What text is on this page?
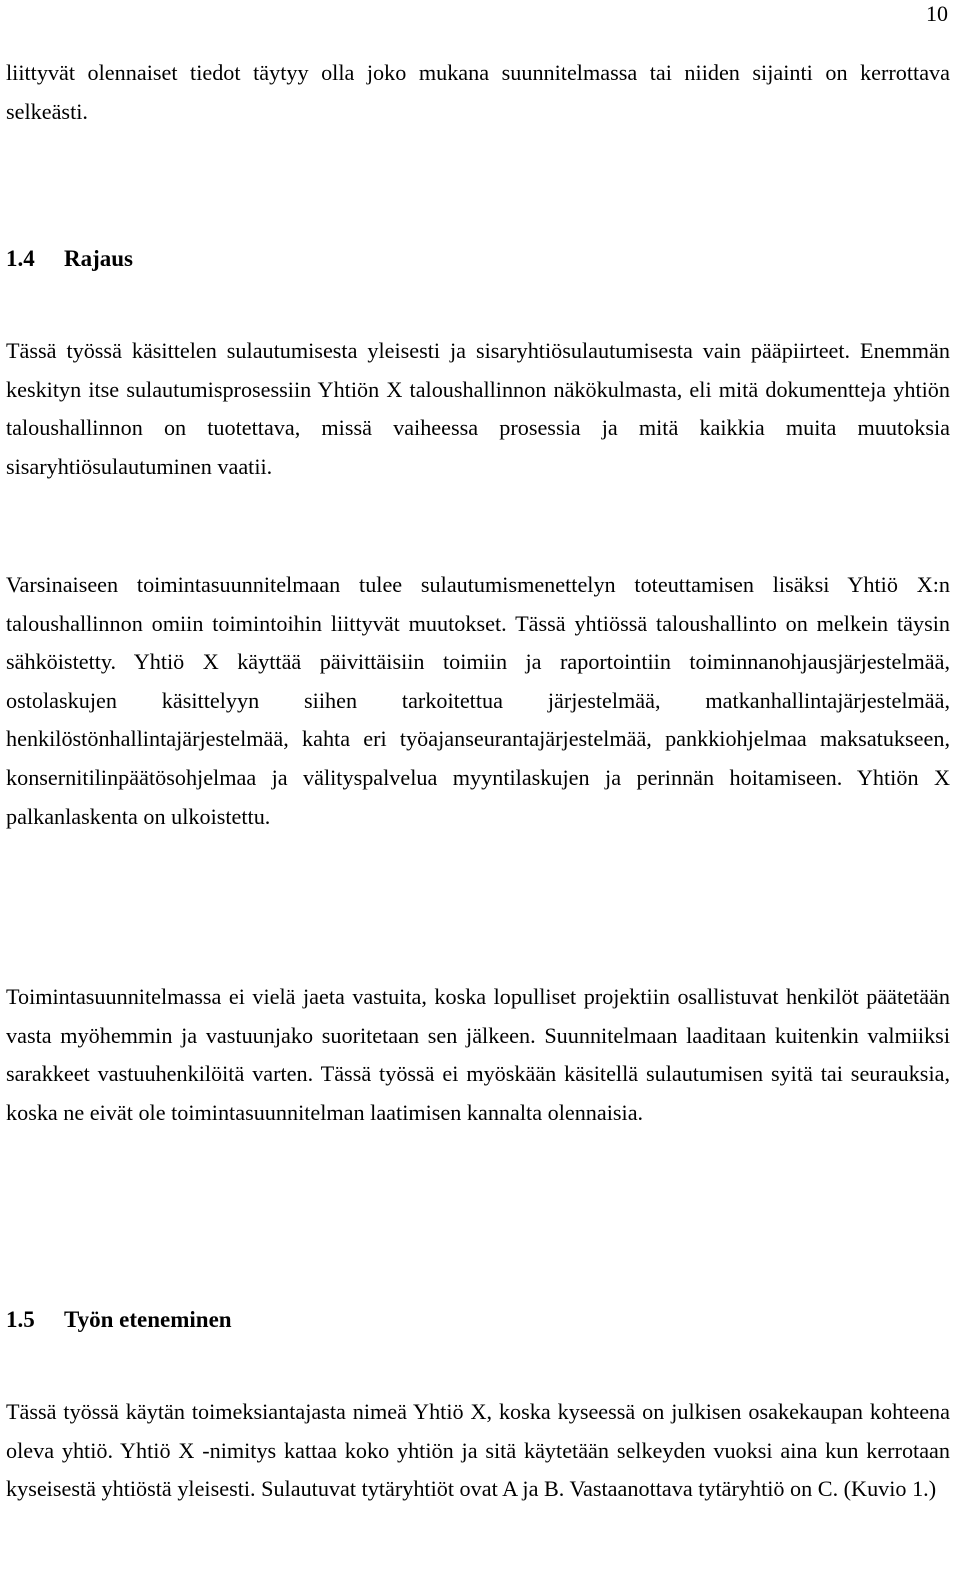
10

liittyvät olennaiset tiedot täytyy olla joko mukana suunnitelmassa tai niiden sijainti on kerrottava selkeästi.

1.4 Rajaus

Tässä työssä käsittelen sulautumisesta yleisesti ja sisaryhtiösulautumisesta vain pääpiirteet. Enemmän keskityn itse sulautumisprosessiin Yhtiön X taloushallinnon näkökulmasta, eli mitä dokumentteja yhtiön taloushallinnon on tuotettava, missä vaiheessa prosessia ja mitä kaikkia muita muutoksia sisaryhtiösulautuminen vaatii.

Varsinaiseen toimintasuunnitelmaan tulee sulautumismenettelyn toteuttamisen lisäksi Yhtiö X:n taloushallinnon omiin toimintoihin liittyvät muutokset. Tässä yhtiössä taloushallinto on melkein täysin sähköistetty. Yhtiö X käyttää päivittäisiin toimiin ja raportointiin toiminnanohjausjärjestelmää, ostolaskujen käsittelyyn siihen tarkoitettua järjestelmää, matkanhallintajärjestelmää, henkilöstönhallintajärjestelmää, kahta eri työajanseurantajärjestelmää, pankkiohjelmaa maksatukseen, konsernitilinpäätösohjelmaa ja välityspalvelua myyntilaskujen ja perinnän hoitamiseen. Yhtiön X palkanlaskenta on ulkoistettu.

Toimintasuunnitelmassa ei vielä jaeta vastuita, koska lopulliset projektiin osallistuvat henkilöt päätetään vasta myöhemmin ja vastuunjako suoritetaan sen jälkeen. Suunnitelmaan laaditaan kuitenkin valmiiksi sarakkeet vastuuhenkilöitä varten. Tässä työssä ei myöskään käsitellä sulautumisen syitä tai seurauksia, koska ne eivät ole toimintasuunnitelman laatimisen kannalta olennaisia.

1.5 Työn eteneminen

Tässä työssä käytän toimeksiantajasta nimeä Yhtiö X, koska kyseessä on julkisen osakekaupan kohteena oleva yhtiö. Yhtiö X -nimitys kattaa koko yhtiön ja sitä käytetään selkeyden vuoksi aina kun kerrotaan kyseisestä yhtiöstä yleisesti. Sulautuvat tytäryhtiöt ovat A ja B. Vastaanottava tytäryhtiö on C. (Kuvio 1.)
